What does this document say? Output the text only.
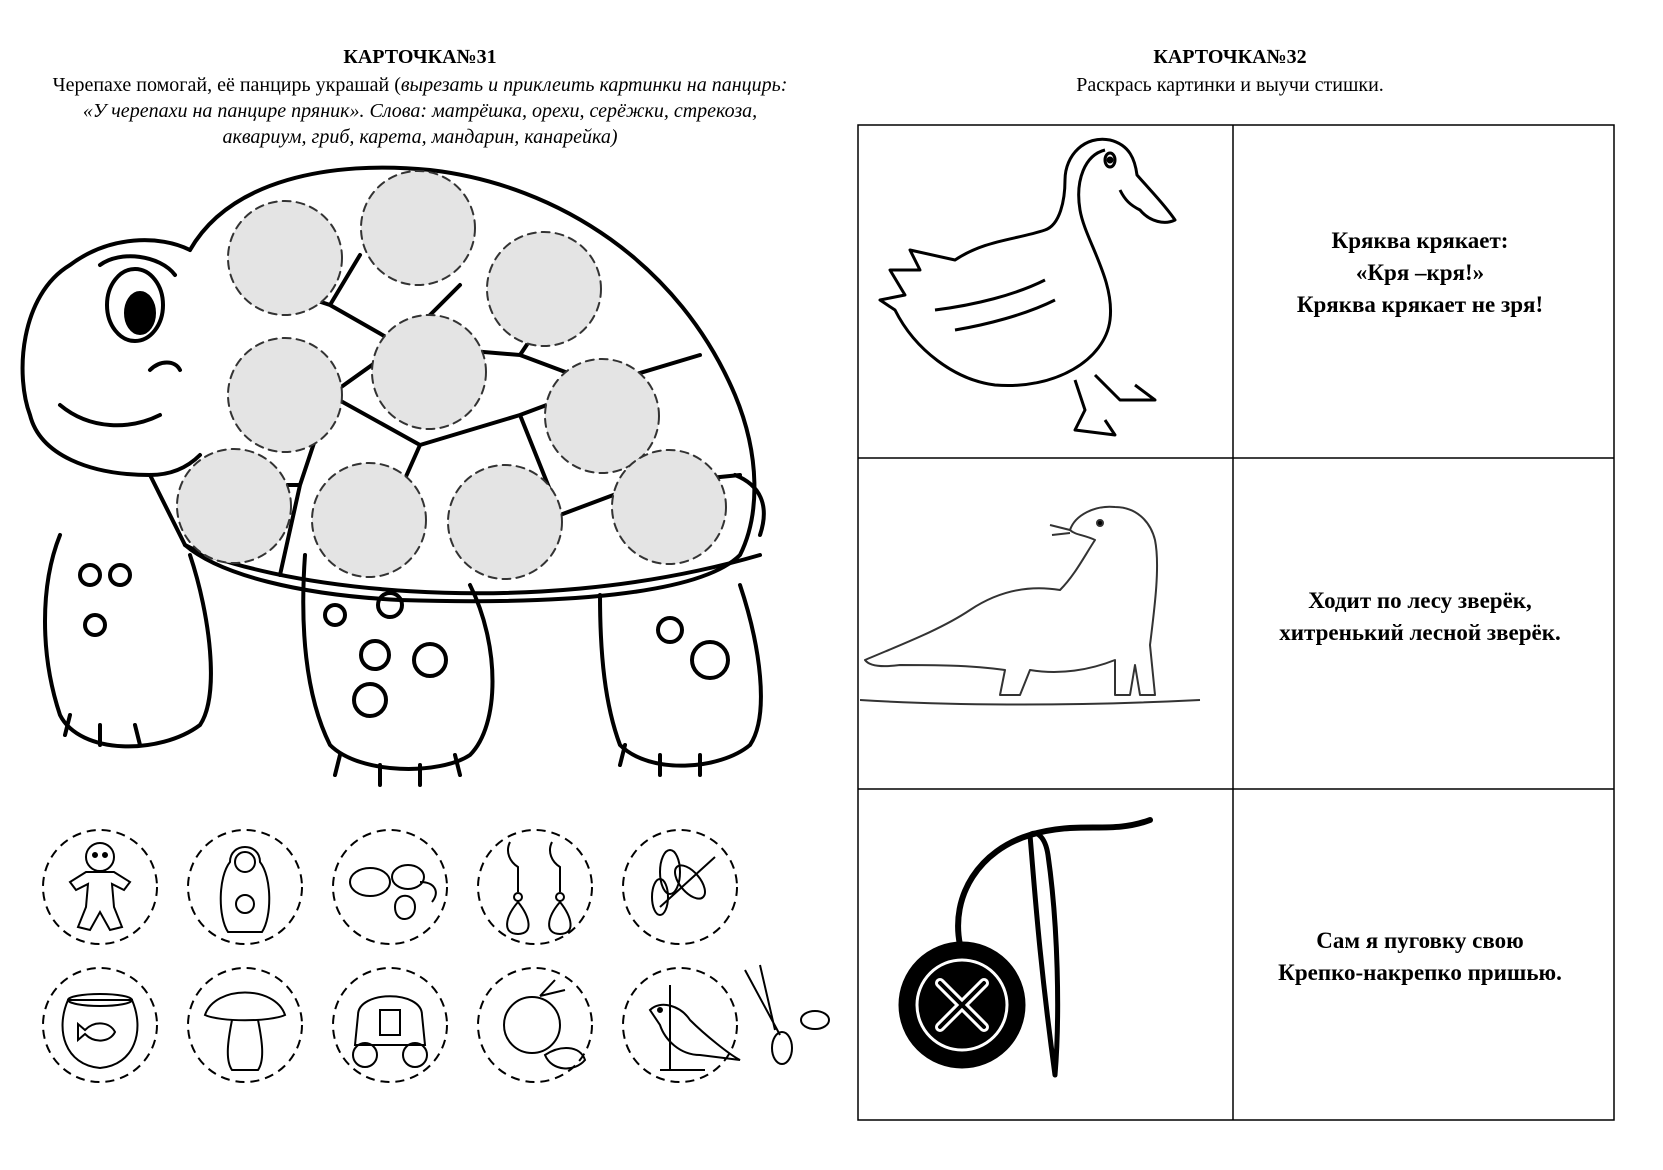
КАРТОЧКА№31
Черепахе помогай, её панцирь украшай (вырезать и приклеить картинки на панцирь: «У черепахи на панцире пряник». Слова: матрёшка, орехи, серёжки, стрекоза, аквариум, гриб, карета, мандарин, канарейка)
КАРТОЧКА№32
Раскрась картинки и выучи стишки.
Кряква крякает:
«Кря –кря!»
Кряква крякает не зря!
Ходит по лесу зверёк,
хитренький лесной зверёк.
Сам я пуговку свою
Крепко-накрепко пришью.
